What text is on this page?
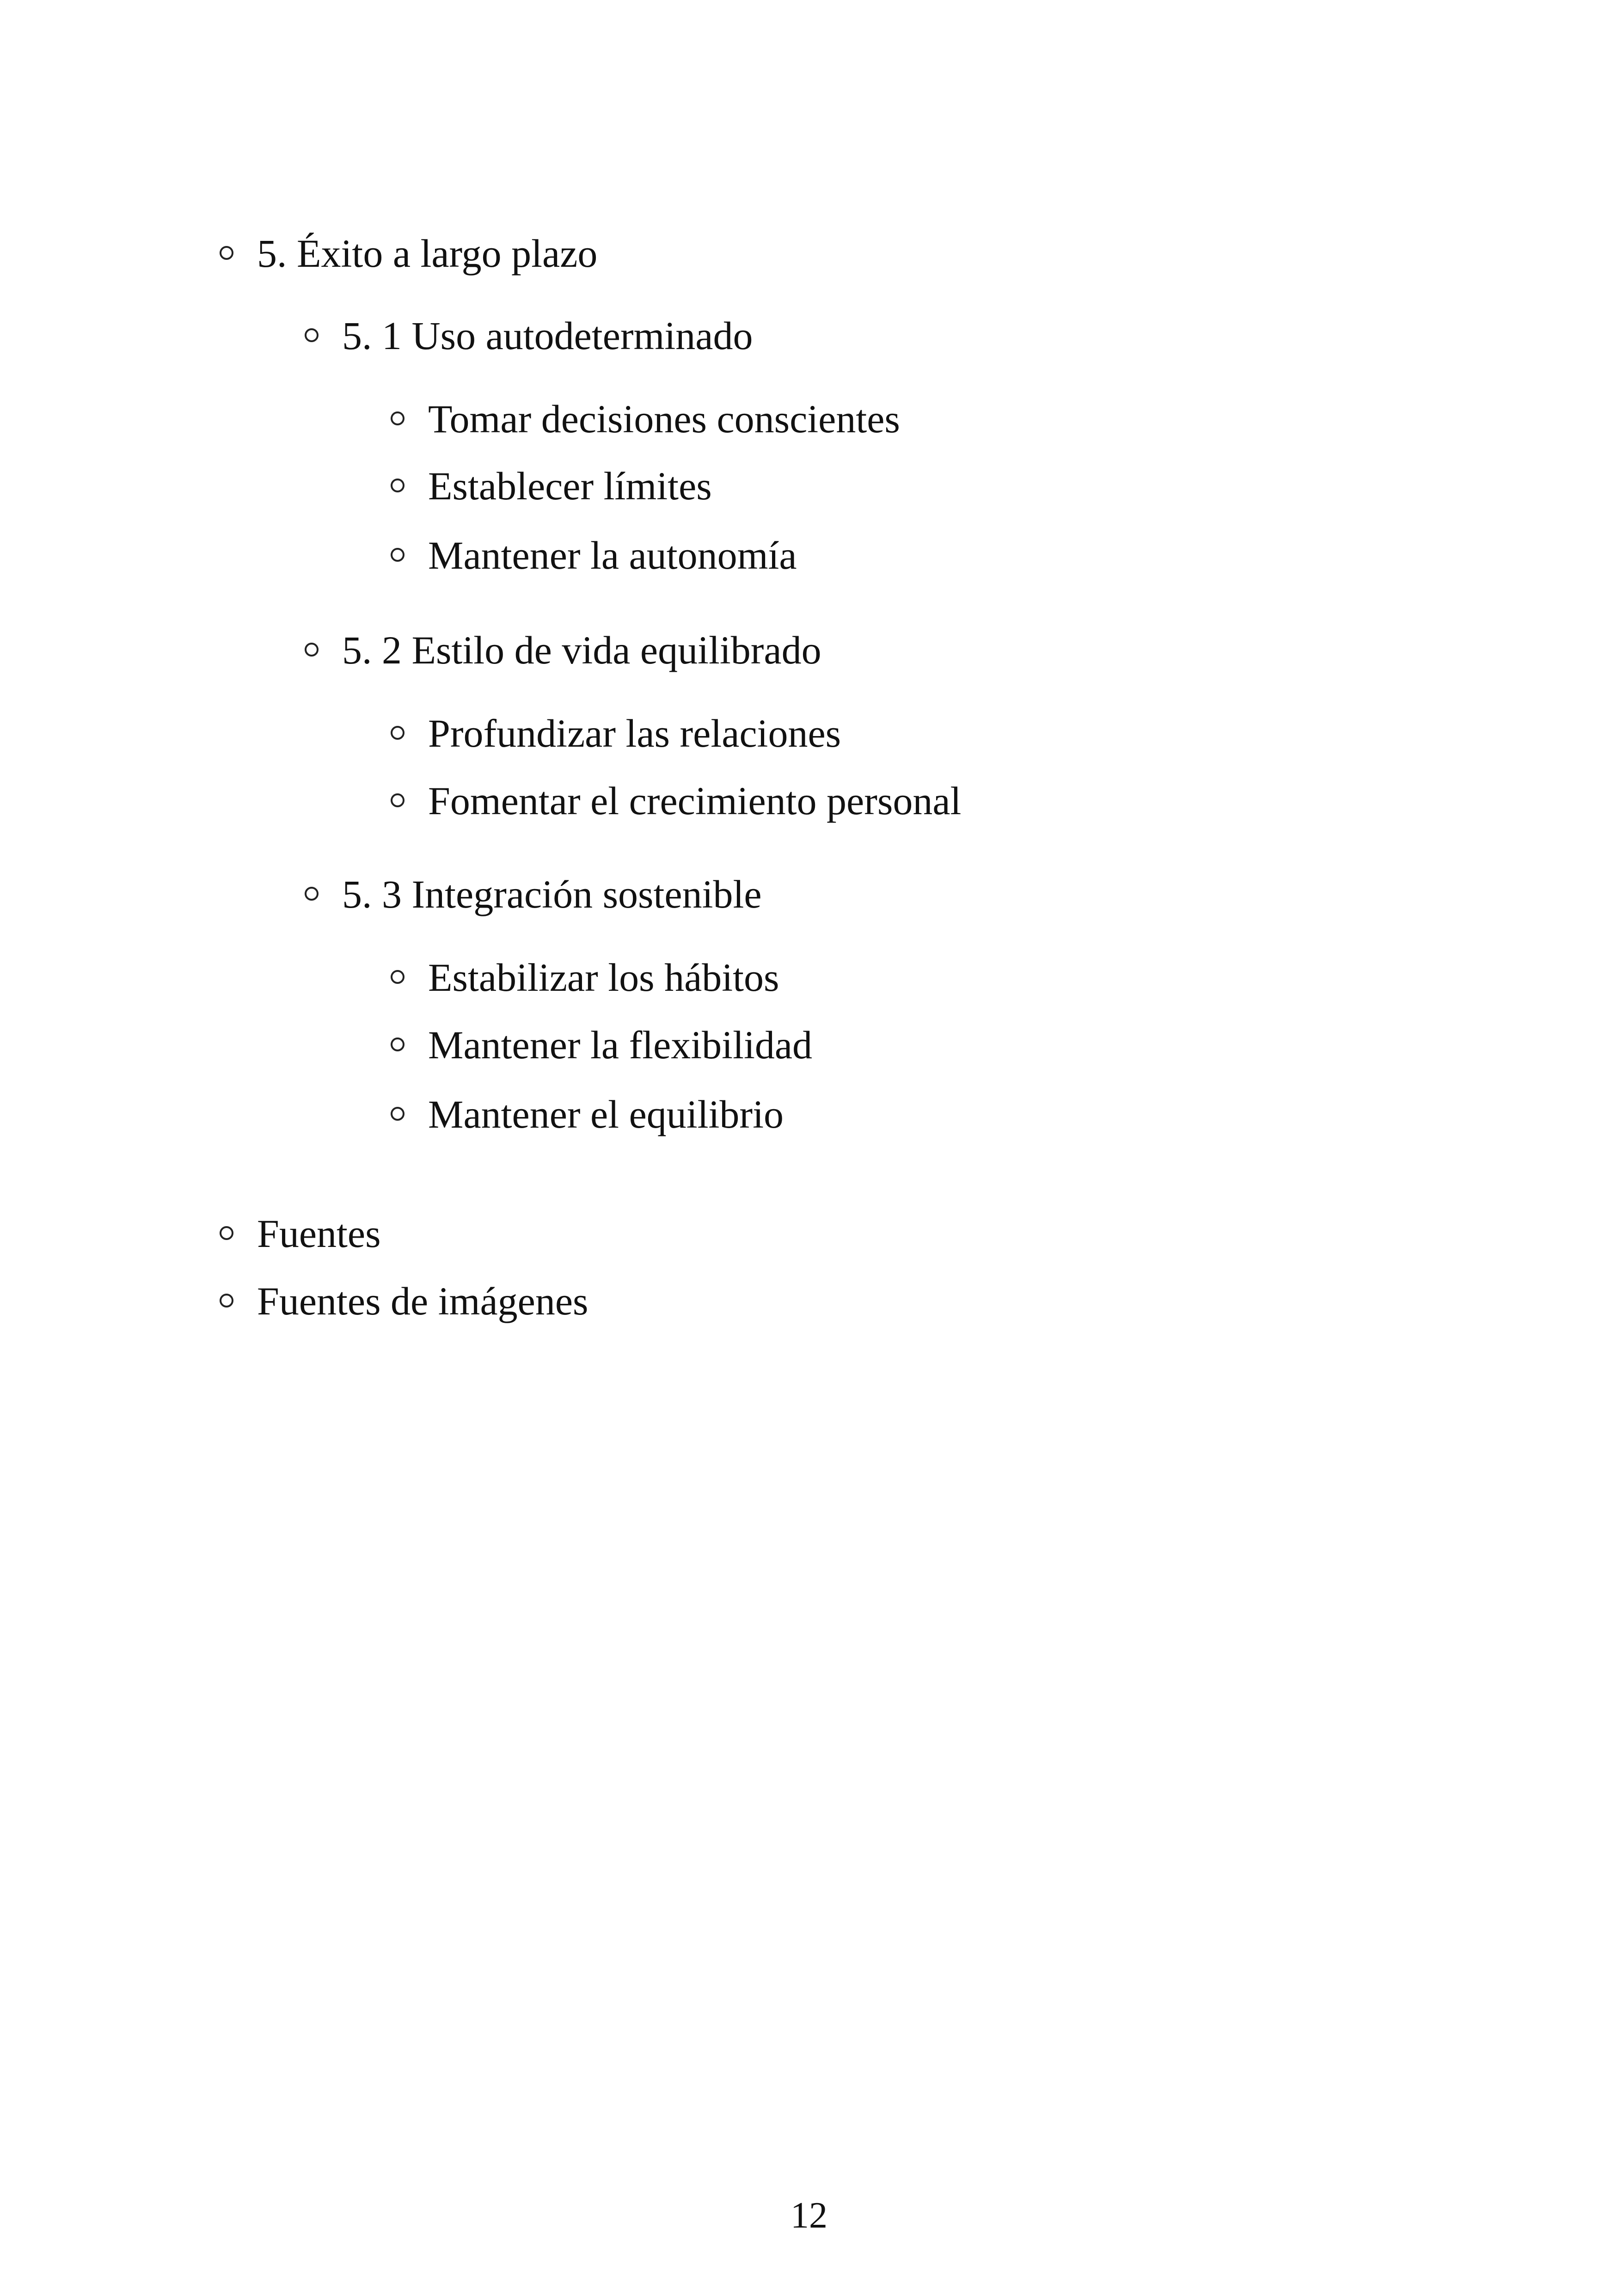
5. Éxito a largo plazo
5. 1 Uso autodeterminado
Tomar decisiones conscientes
Establecer límites
Mantener la autonomía
5. 2 Estilo de vida equilibrado
Profundizar las relaciones
Fomentar el crecimiento personal
5. 3 Integración sostenible
Estabilizar los hábitos
Mantener la flexibilidad
Mantener el equilibrio
Fuentes
Fuentes de imágenes
12
